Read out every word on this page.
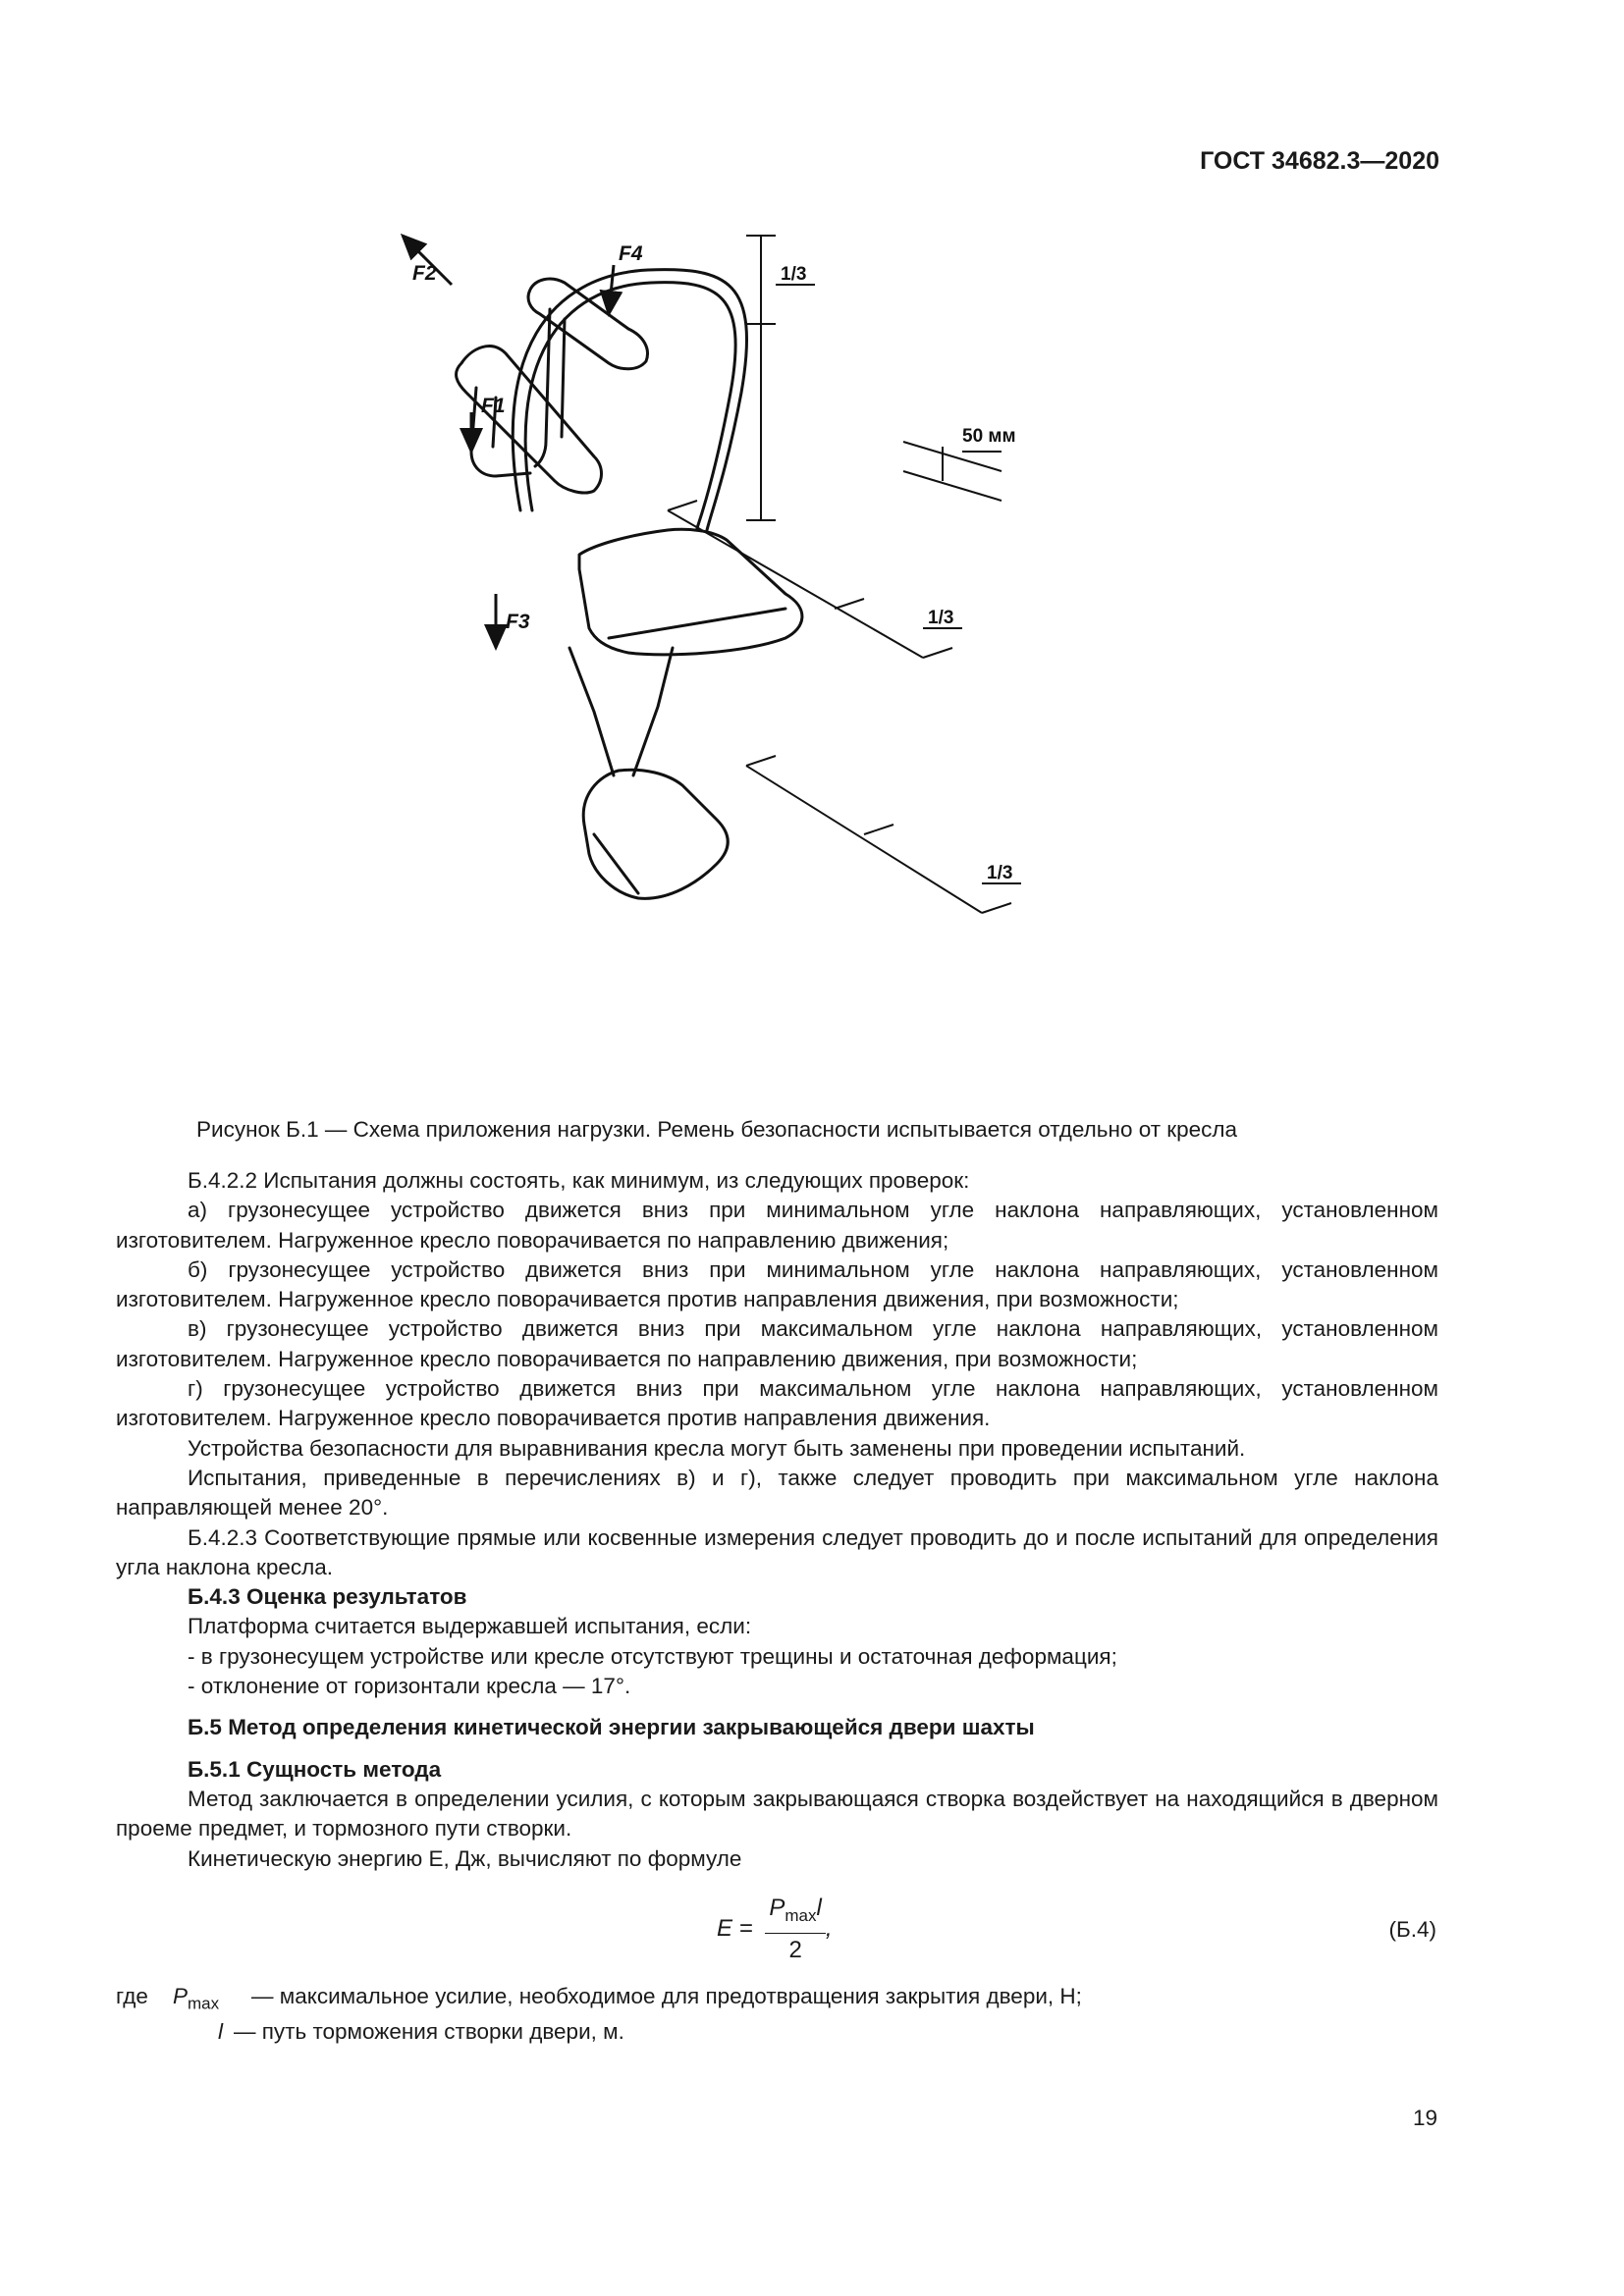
ГОСТ 34682.3—2020
F2
F4
F1
F3
1/3
50 мм
1/3
1/3
Рисунок Б.1 — Схема приложения нагрузки. Ремень безопасности испытывается отдельно от кресла

Б.4.2.2 Испытания должны состоять, как минимум, из следующих проверок:

а) грузонесущее устройство движется вниз при минимальном угле наклона направляющих, установленном изготовителем. Нагруженное кресло поворачивается по направлению движения;

б) грузонесущее устройство движется вниз при минимальном угле наклона направляющих, установленном изготовителем. Нагруженное кресло поворачивается против направления движения, при возможности;

в) грузонесущее устройство движется вниз при максимальном угле наклона направляющих, установленном изготовителем. Нагруженное кресло поворачивается по направлению движения, при возможности;

г) грузонесущее устройство движется вниз при максимальном угле наклона направляющих, установленном изготовителем. Нагруженное кресло поворачивается против направления движения.

Устройства безопасности для выравнивания кресла могут быть заменены при проведении испытаний.

Испытания, приведенные в перечислениях в) и г), также следует проводить при максимальном угле наклона направляющей менее 20°.

Б.4.2.3 Соответствующие прямые или косвенные измерения следует проводить до и после испытаний для определения угла наклона кресла.

Б.4.3 Оценка результатов

Платформа считается выдержавшей испытания, если:

- в грузонесущем устройстве или кресле отсутствуют трещины и остаточная деформация;

- отклонение от горизонтали кресла — 17°.

Б.5 Метод определения кинетической энергии закрывающейся двери шахты

Б.5.1 Сущность метода

Метод заключается в определении усилия, с которым закрывающаяся створка воздействует на находящийся в дверном проеме предмет, и тормозного пути створки.

Кинетическую энергию Е, Дж, вычисляют по формуле

$E = \frac{P_{max}l}{2}$ ,	(Б.4)
где $P_{max}$ — максимальное усилие, необходимое для предотвращения закрытия двери, Н;
l — путь торможения створки двери, м.
19
